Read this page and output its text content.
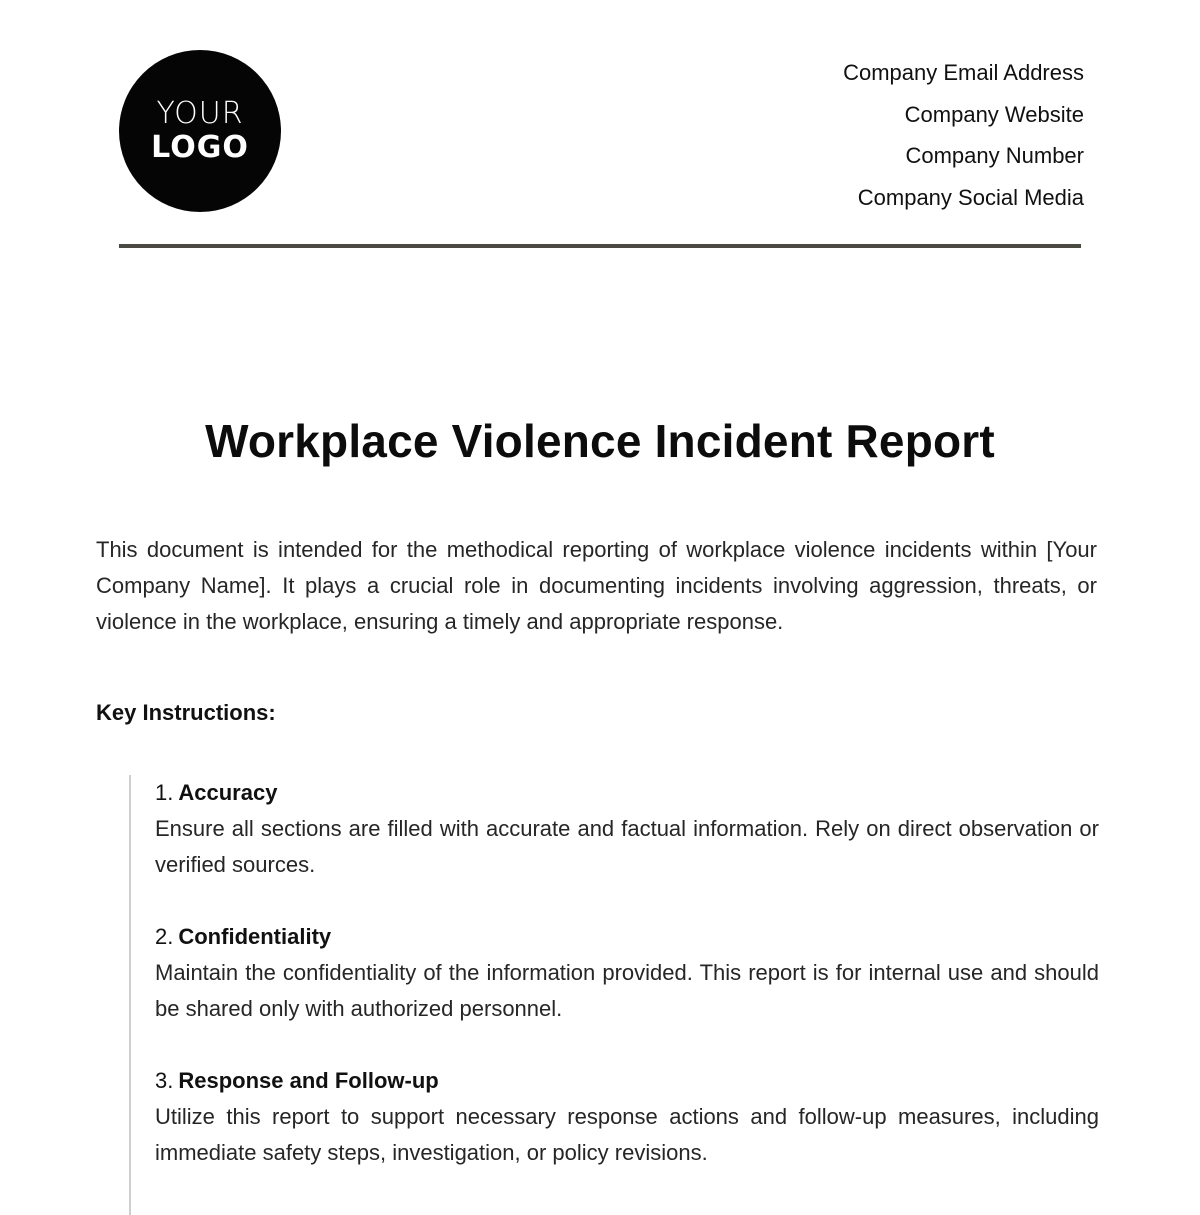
YOUR
LOGO
Company Email Address
Company Website
Company Number
Company Social Media
Workplace Violence Incident Report
This document is intended for the methodical reporting of workplace violence incidents within [Your Company Name]. It plays a crucial role in documenting incidents involving aggression, threats, or violence in the workplace, ensuring a timely and appropriate response.
Key Instructions:
1. Accuracy
Ensure all sections are filled with accurate and factual information. Rely on direct observation or verified sources.
2. Confidentiality
Maintain the confidentiality of the information provided. This report is for internal use and should be shared only with authorized personnel.
3. Response and Follow-up
Utilize this report to support necessary response actions and follow-up measures, including immediate safety steps, investigation, or policy revisions.
